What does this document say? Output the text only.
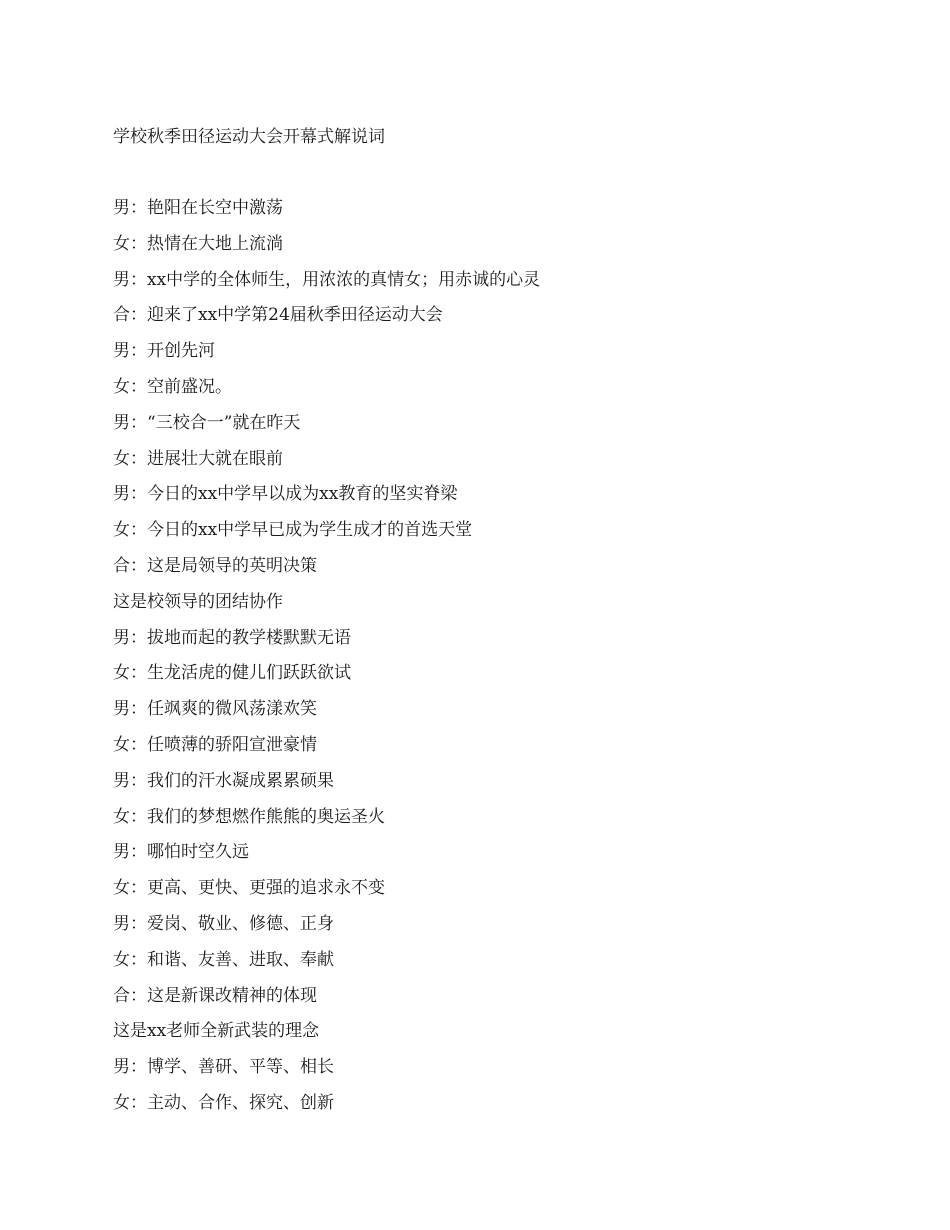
学校秋季田径运动大会开幕式解说词
男：艳阳在长空中激荡
女：热情在大地上流淌
男：xx中学的全体师生，用浓浓的真情女；用赤诚的心灵
合：迎来了xx中学第24届秋季田径运动大会
男：开创先河
女：空前盛况。
男：“三校合一”就在昨天
女：进展壮大就在眼前
男：今日的xx中学早以成为xx教育的坚实脊梁
女：今日的xx中学早已成为学生成才的首选天堂
合：这是局领导的英明决策
这是校领导的团结协作
男：拔地而起的教学楼默默无语
女：生龙活虎的健儿们跃跃欲试
男：任飒爽的微风荡漾欢笑
女：任喷薄的骄阳宣泄豪情
男：我们的汗水凝成累累硕果
女：我们的梦想燃作熊熊的奥运圣火
男：哪怕时空久远
女：更高、更快、更强的追求永不变
男：爱岗、敬业、修德、正身
女：和谐、友善、进取、奉献
合：这是新课改精神的体现
这是xx老师全新武装的理念
男：博学、善研、平等、相长
女：主动、合作、探究、创新
